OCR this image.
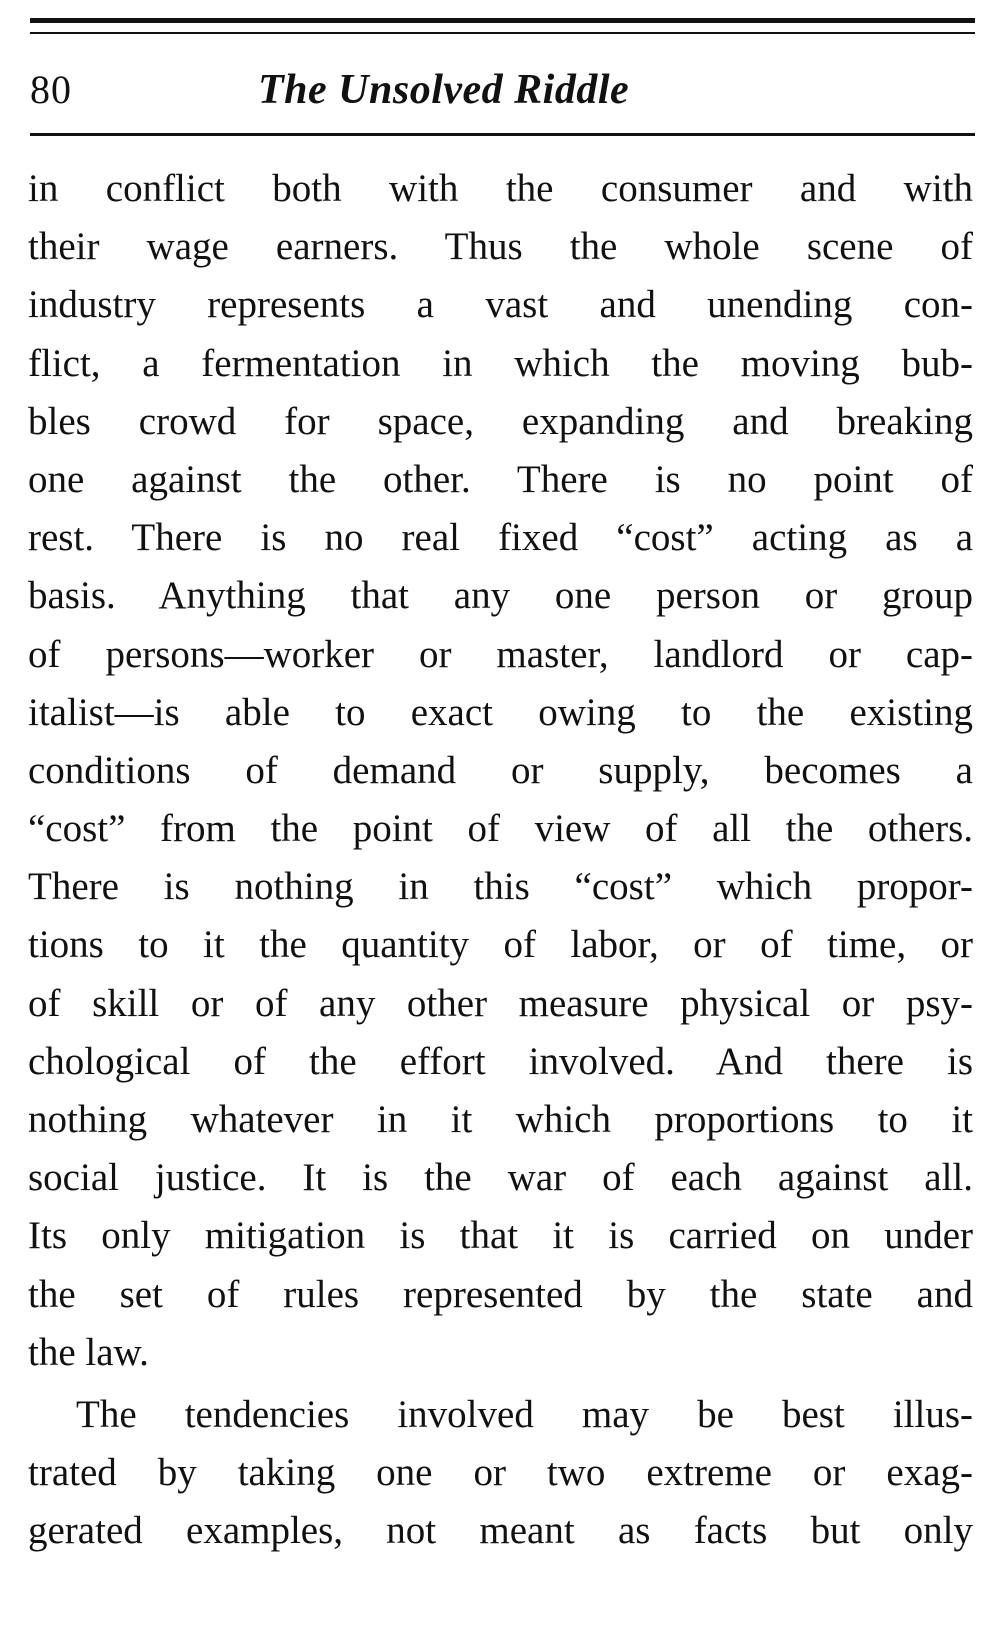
80	The Unsolved Riddle
in conflict both with the consumer and with
their wage earners. Thus the whole scene of
industry represents a vast and unending con-
flict, a fermentation in which the moving bub-
bles crowd for space, expanding and breaking
one against the other. There is no point of
rest. There is no real fixed “cost” acting as a
basis. Anything that any one person or group
of persons—worker or master, landlord or cap-
italist—is able to exact owing to the existing
conditions of demand or supply, becomes a
“cost” from the point of view of all the others.
There is nothing in this “cost” which propor-
tions to it the quantity of labor, or of time, or
of skill or of any other measure physical or psy-
chological of the effort involved. And there is
nothing whatever in it which proportions to it
social justice. It is the war of each against all.
Its only mitigation is that it is carried on under
the set of rules represented by the state and
the law.
The tendencies involved may be best illus-
trated by taking one or two extreme or exag-
gerated examples, not meant as facts but only
